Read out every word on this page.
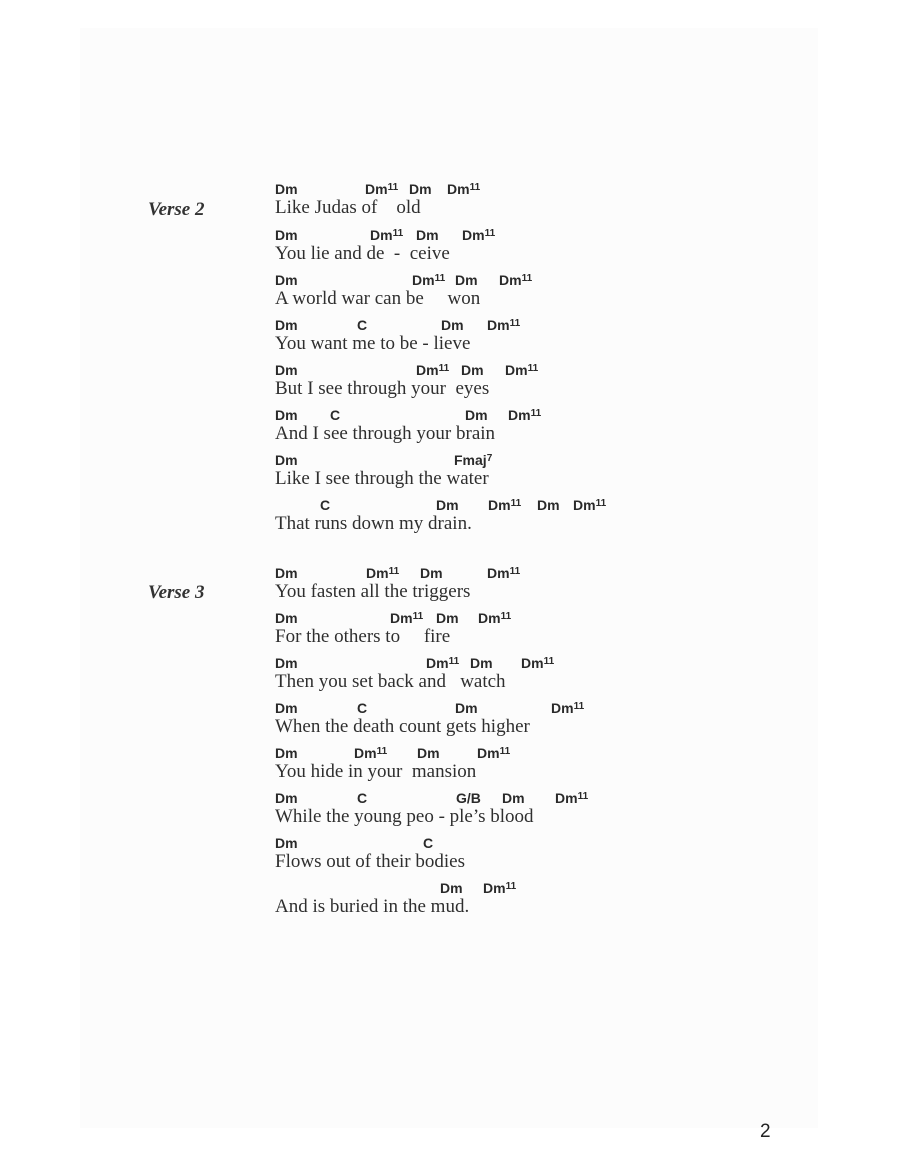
Verse 2
Dm	Dm$^{11}$ Dm Dm$^{11}$
Like Judas of    old
Dm	Dm$^{11}$ Dm Dm$^{11}$
You lie and de  -  ceive
Dm	Dm$^{11}$ Dm Dm$^{11}$
A world war can be     won
Dm	C	Dm Dm$^{11}$
You want me to be - lieve
Dm	Dm$^{11}$ Dm Dm$^{11}$
But I see through your  eyes
Dm C	Dm Dm$^{11}$
And I see through your brain
Dm	Fmaj$^7$
Like I see through the water
C	Dm Dm$^{11}$ Dm Dm$^{11}$
That runs down my drain.
Verse 3
Dm	Dm$^{11}$ Dm	Dm$^{11}$
You fasten all the triggers
Dm	Dm$^{11}$ Dm Dm$^{11}$
For the others to     fire
Dm	Dm$^{11}$ Dm Dm$^{11}$
Then you set back and   watch
Dm	C	Dm	Dm$^{11}$
When the death count gets higher
Dm	Dm$^{11}$ Dm	Dm$^{11}$
You hide in your  mansion
Dm	C	G/B Dm Dm$^{11}$
While the young peo - ple’s blood
Dm	C
Flows out of their bodies
Dm Dm$^{11}$
And is buried in the mud.
2
